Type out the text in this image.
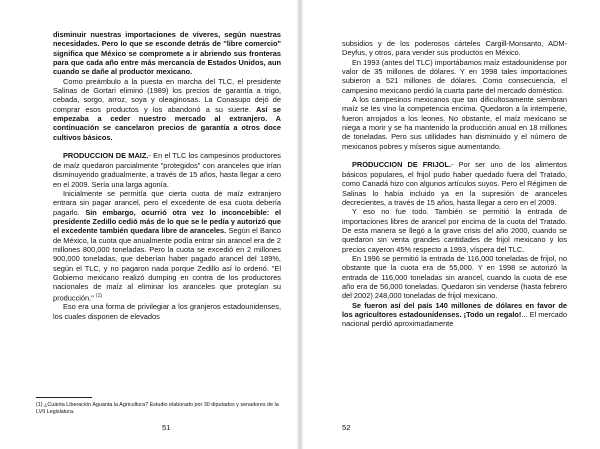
disminuir nuestras importaciones de víveres, según nuestras necesidades. Pero lo que se esconde detrás de "libre comercio" significa que México se compromete a ir abriendo sus fronteras para que cada año entre más mercancía de Estados Unidos, aun cuando se dañe al productor mexicano.

Como preámbulo a la puesta en marcha del TLC, el presidente Salinas de Gortari eliminó (1989) los precios de garantía a trigo, cebada, sorgo, arroz, soya y oleaginosas. La Conasupo dejó de comprar esos productos y los abandonó a su suerte. Así se empezaba a ceder nuestro mercado al extranjero. A continuación se cancelaron precios de garantía a otros doce cultivos básicos.

PRODUCCION DE MAIZ.- En el TLC los campesinos productores de maíz quedaron parcialmente "protegidos" con aranceles que irían disminuyendo gradualmente, a través de 15 años, hasta llegar a cero en el 2009. Sería una larga agonía.

Inicialmente se permitía que cierta cuota de maíz extranjero entrara sin pagar arancel, pero el excedente de esa cuota debería pagarlo. Sin embargo, ocurrió otra vez lo inconcebible: el presidente Zedillo cedió más de lo que se le pedía y autorizó que el excedente también quedara libre de aranceles. Según el Banco de México, la cuota que anualmente podía entrar sin arancel era de 2 millones 800,000 toneladas. Pero la cuota se excedió en 2 millones 900,000 toneladas, que deberían haber pagado arancel del 189%, según el TLC, y no pagaron nada porque Zedillo así lo ordenó. "El Gobierno mexicano realizó dumping en contra de los productores nacionales de maíz al eliminar los aranceles que protegían su producción." $^{(1)}$

Eso era una forma de privilegiar a los granjeros estadounidenses, los cuales disponen de elevados

(1) ¿Cuánta Liberación Aguanta la Agricultura? Estudio elaborado por 30 diputados y senadores de la LVII Legislatura.
51

subsidios y de los poderosos cárteles Cargill-Monsanto, ADM-Deyfus, y otros, para vender sus productos en México.

En 1993 (antes del TLC) importábamos maíz estadounidense por valor de 35 millones de dólares. Y en 1998 tales importaciones subieron a 521 millones de dólares. Como consecuencia, el campesino mexicano perdió la cuarta parte del mercado doméstico.

A los campesinos mexicanos que tan dificultosamente siembran maíz se les vino la competencia encima. Quedaron a la intemperie, fueron arrojados a los leones. No obstante, el maíz mexicano se niega a morir y se ha mantenido la producción anual en 18 millones de toneladas. Pero sus utilidades han disminuido y el número de mexicanos pobres y míseros sigue aumentando.

PRODUCCION DE FRIJOL.- Por ser uno de los alimentos básicos populares, el frijol pudo haber quedado fuera del Tratado, como Canadá hizo con algunos artículos suyos. Pero el Régimen de Salinas lo había incluido ya en la supresión de aranceles decrecientes, a través de 15 años, hasta llegar a cero en el 2009.

Y eso no fue todo. También se permitió la entrada de importaciones libres de arancel por encima de la cuota del Tratado. De esta manera se llegó a la grave crisis del año 2000, cuando se quedaron sin venta grandes cantidades de frijol mexicano y los precios cayeron 45% respecto a 1993, víspera del TLC.

En 1996 se permitió la entrada de 116,000 toneladas de frijol, no obstante que la cuota era de 55,000. Y en 1998 se autorizó la entrada de 116,000 toneladas sin arancel, cuando la cuota de ese año era de 56,000 toneladas. Quedaron sin venderse (hasta febrero del 2002) 248,000 toneladas de frijol mexicano.

Se fueron así del país 140 millones de dólares en favor de los agricultores estadounidenses. ¡Todo un regalo!... El mercado nacional perdió aproximadamente

52
